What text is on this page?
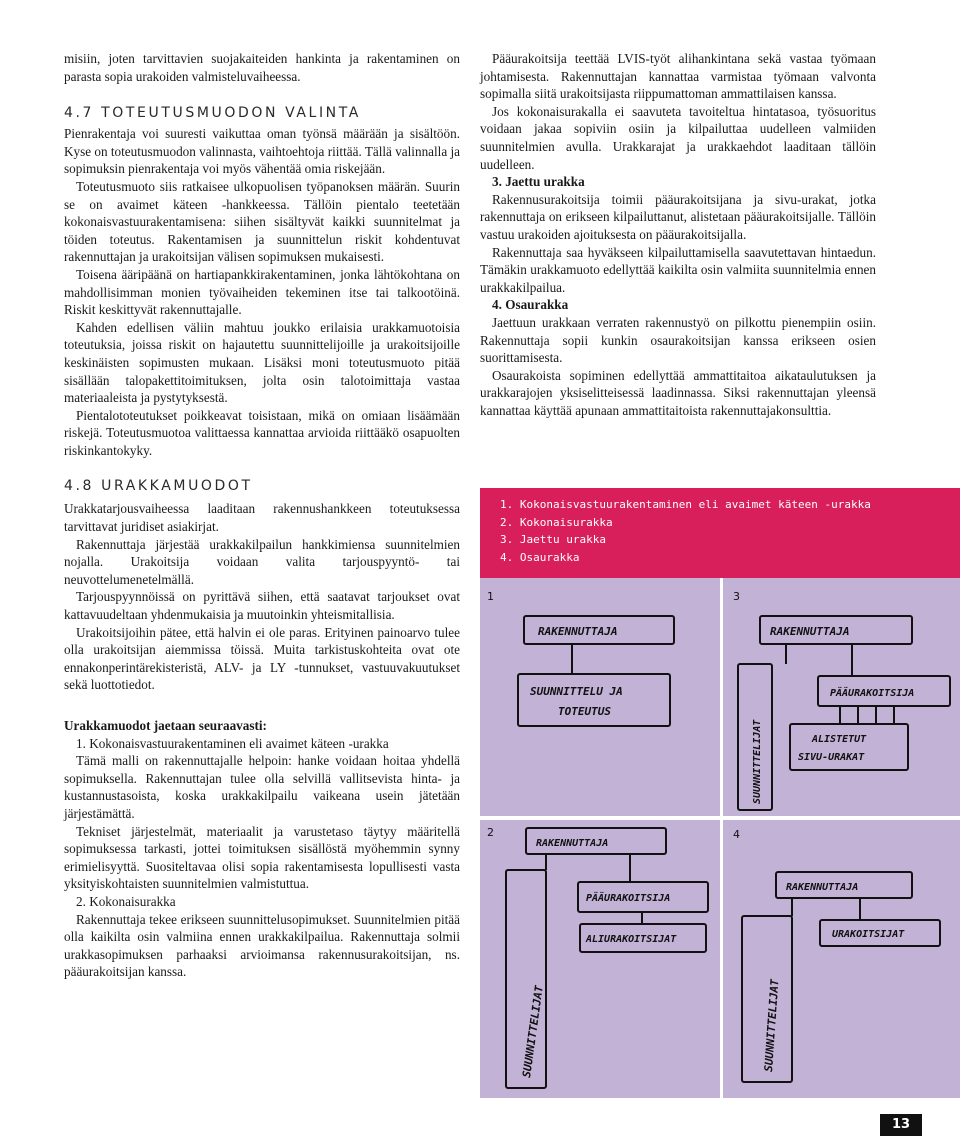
misiin, joten tarvittavien suojakaiteiden hankinta ja rakentaminen on parasta sopia urakoiden valmisteluvaiheessa.

4.7 TOTEUTUSMUODON VALINTA

Pienrakentaja voi suuresti vaikuttaa oman työnsä määrään ja sisältöön. Kyse on toteutusmuodon valinnasta, vaihtoehtoja riittää. Tällä valinnalla ja sopimuksin pienrakentaja voi myös vähentää omia riskejään.

Toteutusmuoto siis ratkaisee ulkopuolisen työpanoksen määrän. Suurin se on avaimet käteen -hankkeessa. Tällöin pientalo teetetään kokonaisvastuurakentamisena: siihen sisältyvät kaikki suunnitelmat ja töiden toteutus. Rakentamisen ja suunnittelun riskit kohdentuvat rakennuttajan ja urakoitsijan välisen sopimuksen mukaisesti.

Toisena ääripäänä on hartiapankkirakentaminen, jonka lähtökohtana on mahdollisimman monien työvaiheiden tekeminen itse tai talkootöinä. Riskit keskittyvät rakennuttajalle.

Kahden edellisen väliin mahtuu joukko erilaisia urakkamuotoisia toteutuksia, joissa riskit on hajautettu suunnittelijoille ja urakoitsijoille keskinäisten sopimusten mukaan. Lisäksi moni toteutusmuoto pitää sisällään talopakettitoimituksen, jolta osin talotoimittaja vastaa materiaaleista ja pystytyksestä.

Pientalototeutukset poikkeavat toisistaan, mikä on omiaan lisäämään riskejä. Toteutusmuotoa valittaessa kannattaa arvioida riittääkö osapuolten riskinkantokyky.

4.8 URAKKAMUODOT

Urakkatarjousvaiheessa laaditaan rakennushankkeen toteutuksessa tarvittavat juridiset asiakirjat.

Rakennuttaja järjestää urakkakilpailun hankkimiensa suunnitelmien nojalla. Urakoitsija voidaan valita tarjouspyyntö- tai neuvottelumenetelmällä.

Tarjouspyynnöissä on pyrittävä siihen, että saatavat tarjoukset ovat kattavuudeltaan yhdenmukaisia ja muutoinkin yhteismitallisia.

Urakoitsijoihin pätee, että halvin ei ole paras. Erityinen painoarvo tulee olla urakoitsijan aiemmissa töissä. Muita tarkistuskohteita ovat ote ennakonperintärekisteristä, ALV- ja LY -tunnukset, vastuuvakuutukset sekä luottotiedot.

Urakkamuodot jaetaan seuraavasti:

1. Kokonaisvastuurakentaminen eli avaimet käteen -urakka

Tämä malli on rakennuttajalle helpoin: hanke voidaan hoitaa yhdellä sopimuksella. Rakennuttajan tulee olla selvillä vallitsevista hinta- ja kustannustasoista, koska urakkakilpailu vaikeana usein jätetään järjestämättä.

Tekniset järjestelmät, materiaalit ja varustetaso täytyy määritellä sopimuksessa tarkasti, jottei toimituksen sisällöstä myöhemmin synny erimielisyyttä. Suositeltavaa olisi sopia rakentamisesta lopullisesti vasta yksityiskohtaisten suunnitelmien valmistuttua.

2. Kokonaisurakka

Rakennuttaja tekee erikseen suunnittelusopimukset. Suunnitelmien pitää olla kaikilta osin valmiina ennen urakkakilpailua. Rakennuttaja solmii urakkasopimuksen parhaaksi arvioimansa rakennusurakoitsijan, ns. pääurakoitsijan kanssa.

Pääurakoitsija teettää LVIS-työt alihankintana sekä vastaa työmaan johtamisesta. Rakennuttajan kannattaa varmistaa työmaan valvonta sopimalla siitä urakoitsijasta riippumattoman ammattilaisen kanssa.

Jos kokonaisurakalla ei saavuteta tavoiteltua hintatasoa, työsuoritus voidaan jakaa sopiviin osiin ja kilpailuttaa uudelleen valmiiden suunnitelmien avulla. Urakkarajat ja urakkaehdot laaditaan tällöin uudelleen.

3. Jaettu urakka

Rakennusurakoitsija toimii pääurakoitsijana ja sivu-urakat, jotka rakennuttaja on erikseen kilpailuttanut, alistetaan pääurakoitsijalle. Tällöin vastuu urakoiden ajoituksesta on pääurakoitsijalla.

Rakennuttaja saa hyväkseen kilpailuttamisella saavutettavan hintaedun. Tämäkin urakkamuoto edellyttää kaikilta osin valmiita suunnitelmia ennen urakkakilpailua.

4. Osaurakka

Jaettuun urakkaan verraten rakennustyö on pilkottu pienempiin osiin. Rakennuttaja sopii kunkin osaurakoitsijan kanssa erikseen osien suorittamisesta.

Osaurakoista sopiminen edellyttää ammattitaitoa aikataulutuksen ja urakkarajojen yksiselitteisessä laadinnassa. Siksi rakennuttajan yleensä kannattaa käyttää apunaan ammattitaitoista rakennuttajakonsulttia.

1. Kokonaisvastuurakentaminen eli avaimet käteen -urakka
2. Kokonaisurakka
3. Jaettu urakka
4. Osaurakka
1	3
2	4
RAKENNUTTAJA
SUUNNITTELU JA
TOTEUTUS
RAKENNUTTAJA
PÄÄURAKOITSIJA
ALISTETUT
SIVU-URAKAT
RAKENNUTTAJA
PÄÄURAKOITSIJA
ALIURAKOITSIJAT
RAKENNUTTAJA
URAKOITSIJAT
SUUNNITTELIJAT
SUUNNITTELIJAT	SUUNNITTELIJAT
13
